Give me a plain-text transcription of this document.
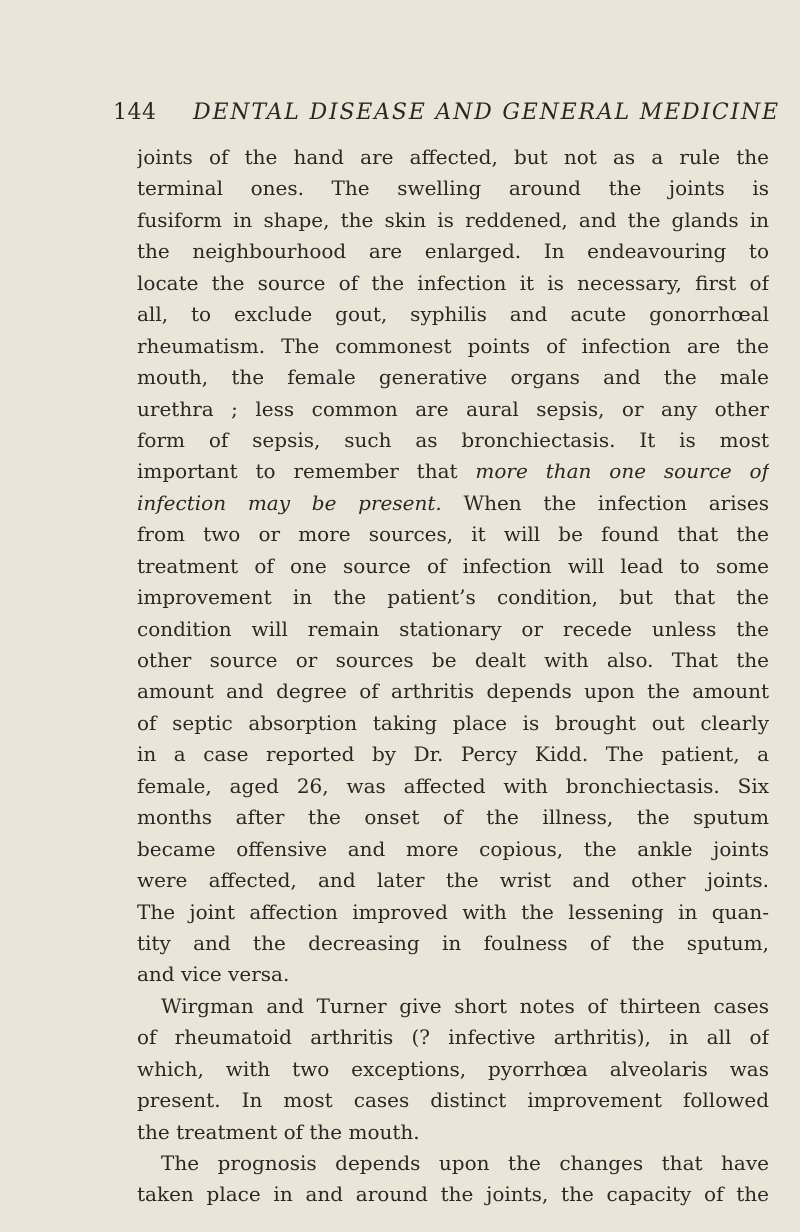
144 DENTAL DISEASE AND GENERAL MEDICINE
joints of the hand are affected, but not as a rule the
terminal ones. The swelling around the joints is
fusiform in shape, the skin is reddened, and the glands in
the neighbourhood are enlarged. In endeavouring to
locate the source of the infection it is necessary, first of
all, to exclude gout, syphilis and acute gonorrhœal
rheumatism. The commonest points of infection are the
mouth, the female generative organs and the male
urethra ; less common are aural sepsis, or any other
form of sepsis, such as bronchiectasis. It is most
important to remember that more than one source of
infection may be present. When the infection arises
from two or more sources, it will be found that the
treatment of one source of infection will lead to some
improvement in the patient’s condition, but that the
condition will remain stationary or recede unless the
other source or sources be dealt with also. That the
amount and degree of arthritis depends upon the amount
of septic absorption taking place is brought out clearly
in a case reported by Dr. Percy Kidd. The patient, a
female, aged 26, was affected with bronchiectasis. Six
months after the onset of the illness, the sputum
became offensive and more copious, the ankle joints
were affected, and later the wrist and other joints.
The joint affection improved with the lessening in quan-
tity and the decreasing in foulness of the sputum,
and vice versa.
Wirgman and Turner give short notes of thirteen cases
of rheumatoid arthritis (? infective arthritis), in all of
which, with two exceptions, pyorrhœa alveolaris was
present. In most cases distinct improvement followed
the treatment of the mouth.
The prognosis depends upon the changes that have
taken place in and around the joints, the capacity of the
